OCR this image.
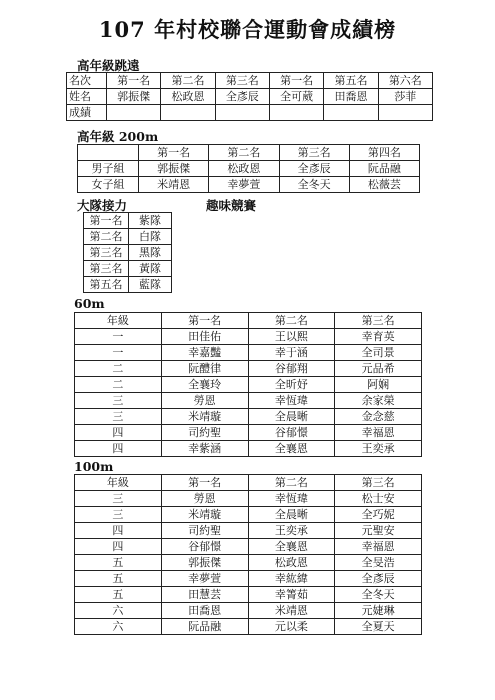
107 年村校聯合運動會成績榜
高年級跳遠
名次	第一名	第二名	第三名	第一名	第五名	第六名
姓名	郭振傑	松政恩	全彥辰	全可葳	田喬恩	莎菲
成績						
高年級 200m
	第一名	第二名	第三名	第四名
男子組	郭振傑	松政恩	全彥辰	阮品融
女子組	米靖恩	幸夢萱	全冬天	松薇芸
大隊接力	趣味競賽
第一名	紫隊
第二名	白隊
第三名	黑隊
第三名	黃隊
第五名	藍隊
60m
年級	第一名	第二名	第三名
一	田佳佑	王以熙	幸育英
一	幸嘉豔	幸于涵	全司景
二	阮醴律	谷郁翔	元品希
二	全襄玲	全昕妤	阿娴
三	勞恩	幸恆瑋	余家榮
三	米靖璇	全晨晰	金念慈
四	司約聖	谷郁憬	幸福恩
四	幸紫涵	全襄恩	王奕承
100m
年級	第一名	第二名	第三名
三	勞恩	幸恆瑋	松士安
三	米靖璇	全晨晰	全巧妮
四	司約聖	王奕承	元聖安
四	谷郁憬	全襄恩	幸福恩
五	郭振傑	松政恩	全旻浩
五	幸夢萱	幸紘緯	全彥辰
五	田慧芸	幸箐茹	全冬天
六	田喬恩	米靖恩	元婕琳
六	阮品融	元以柔	全夏天
